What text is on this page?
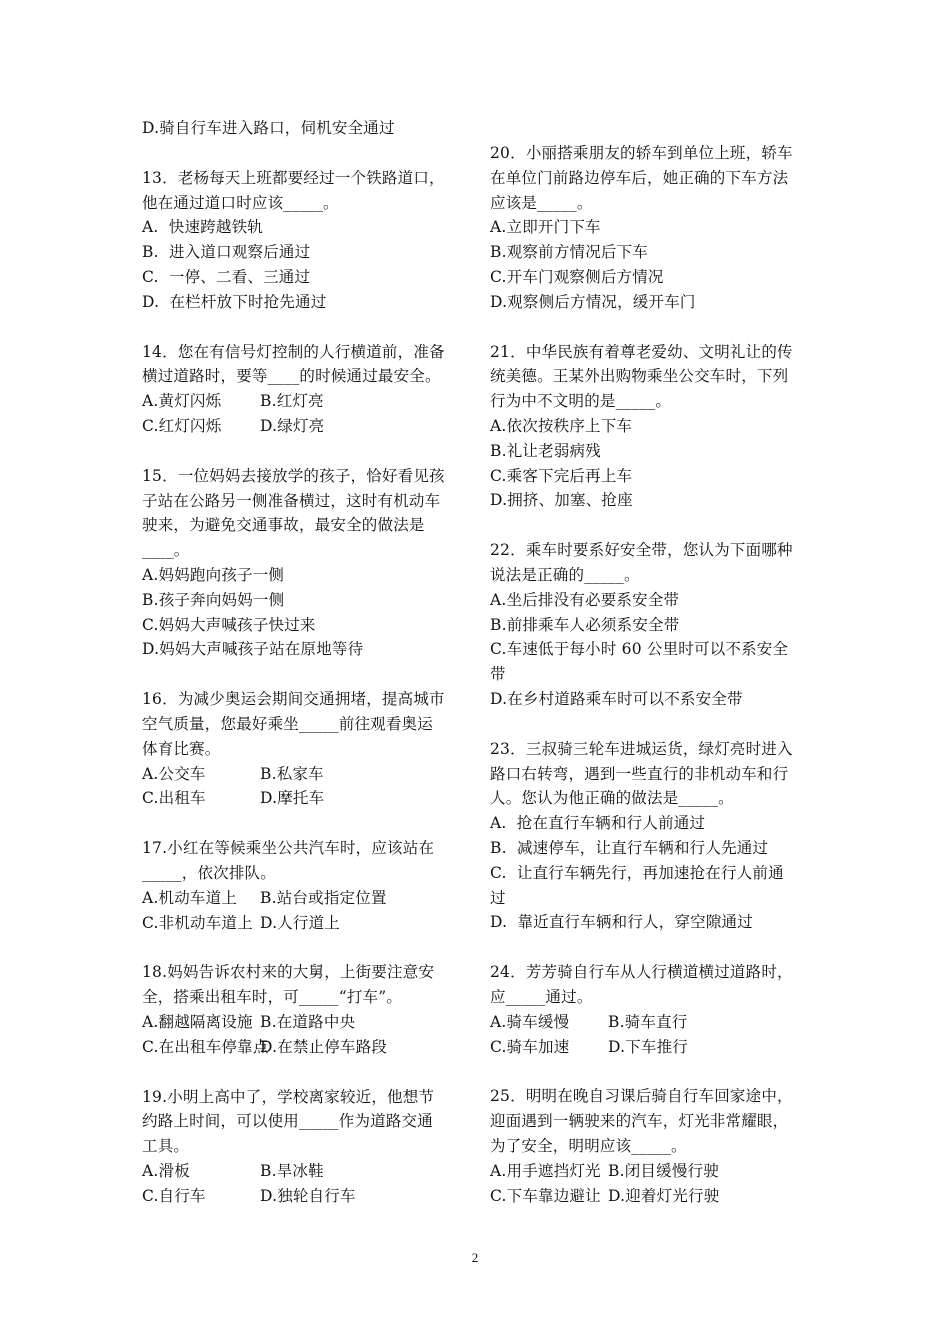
D.骑自行车进入路口，伺机安全通过
13．老杨每天上班都要经过一个铁路道口，
他在通过道口时应该_____。
A.  快速跨越铁轨
B.  进入道口观察后通过
C.  一停、二看、三通过
D.  在栏杆放下时抢先通过
14．您在有信号灯控制的人行横道前，准备
横过道路时，要等____的时候通过最安全。
A.黄灯闪烁 B.红灯亮
C.红灯闪烁 D.绿灯亮
15．一位妈妈去接放学的孩子，恰好看见孩
子站在公路另一侧准备横过，这时有机动车
驶来，为避免交通事故，最安全的做法是
____。
A.妈妈跑向孩子一侧
B.孩子奔向妈妈一侧
C.妈妈大声喊孩子快过来
D.妈妈大声喊孩子站在原地等待
16．为减少奥运会期间交通拥堵，提高城市
空气质量，您最好乘坐_____前往观看奥运
体育比赛。
A.公交车	B.私家车
C.出租车	D.摩托车
17.小红在等候乘坐公共汽车时，应该站在
_____，依次排队。
A.机动车道上 B.站台或指定位置
C.非机动车道上 D.人行道上
18.妈妈告诉农村来的大舅，上街要注意安
全，搭乘出租车时，可_____“打车”。
A.翻越隔离设施 B.在道路中央
C.在出租车停靠点D.在禁止停车路段
19.小明上高中了，学校离家较近，他想节
约路上时间，可以使用_____作为道路交通
工具。
A.滑板	B.旱冰鞋
C.自行车	D.独轮自行车
20．小丽搭乘朋友的轿车到单位上班，轿车
在单位门前路边停车后，她正确的下车方法
应该是_____。
A.立即开门下车
B.观察前方情况后下车
C.开车门观察侧后方情况
D.观察侧后方情况，缓开车门
21．中华民族有着尊老爱幼、文明礼让的传
统美德。王某外出购物乘坐公交车时，下列
行为中不文明的是_____。
A.依次按秩序上下车
B.礼让老弱病残
C.乘客下完后再上车
D.拥挤、加塞、抢座
22．乘车时要系好安全带，您认为下面哪种
说法是正确的_____。
A.坐后排没有必要系安全带
B.前排乘车人必须系安全带
C.车速低于每小时 60 公里时可以不系安全
带
D.在乡村道路乘车时可以不系安全带
23．三叔骑三轮车进城运货，绿灯亮时进入
路口右转弯，遇到一些直行的非机动车和行
人。您认为他正确的做法是_____。
A.  抢在直行车辆和行人前通过
B.  减速停车，让直行车辆和行人先通过
C.  让直行车辆先行，再加速抢在行人前通
过
D.  靠近直行车辆和行人，穿空隙通过
24．芳芳骑自行车从人行横道横过道路时，
应_____通过。
A.骑车缓慢 B.骑车直行
C.骑车加速 D.下车推行
25．明明在晚自习课后骑自行车回家途中，
迎面遇到一辆驶来的汽车，灯光非常耀眼，
为了安全，明明应该_____。
A.用手遮挡灯光 B.闭目缓慢行驶
C.下车靠边避让 D.迎着灯光行驶
2
